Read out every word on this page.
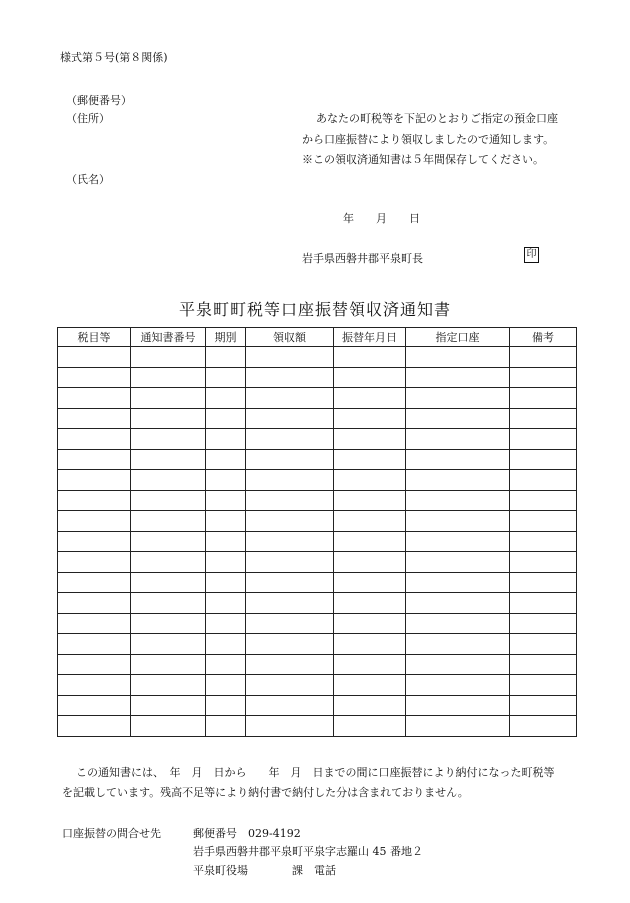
様式第５号(第８関係)
（郵便番号）
（住所）
（氏名）
あなたの町税等を下記のとおりご指定の預金口座
から口座振替により領収しましたので通知します。
※この領収済通知書は５年間保存してください。
年　　月　　日
岩手県西磐井郡平泉町長	印
平泉町町税等口座振替領収済通知書
税目等	通知書番号	期別	領収額	振替年月日	指定口座	備考

この通知書には、　年　月　日から　　年　月　日までの間に口座振替により納付になった町税等
を記載しています。残高不足等により納付書で納付した分は含まれておりません。
口座振替の問合せ先	郵便番号　029-4192
岩手県西磐井郡平泉町平泉字志羅山 45 番地２
平泉町役場　　　　課　電話
